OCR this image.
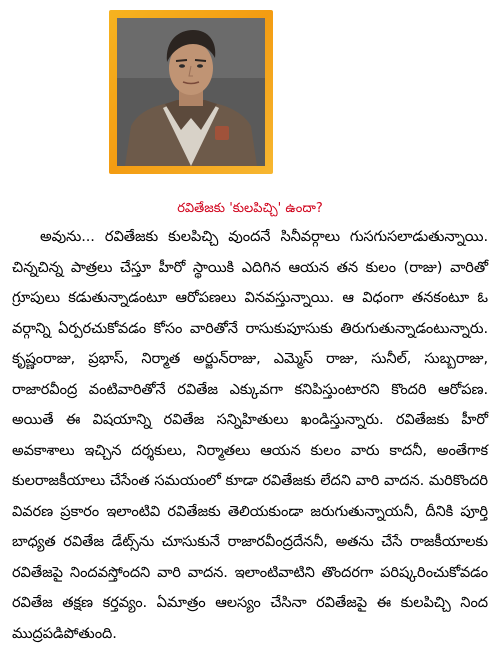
రవితేజకు 'కులపిచ్చి' ఉందా?

అవును... రవితేజకు కులపిచ్చి వుందనే సినీవర్గాలు గుసగుసలాడుతున్నాయి. చిన్నచిన్న పాత్రలు చేస్తూ హీరో స్థాయికి ఎదిగిన ఆయన తన కులం (రాజు) వారితో గ్రూపులు కడుతున్నాడంటూ ఆరోపణలు వినవస్తున్నాయి. ఆ విధంగా తనకంటూ ఓ వర్గాన్ని ఏర్పరచుకోవడం కోసం వారితోనే రాసుకుపూసుకు తిరుగుతున్నాడంటున్నారు. కృష్ణంరాజు, ప్రభాస్, నిర్మాత అర్జున్‌రాజు, ఎమ్మెస్ రాజు, సునీల్, సుబ్బరాజు, రాజారవీంద్ర వంటివారితోనే రవితేజ ఎక్కువగా కనిపిస్తుంటారని కొందరి ఆరోపణ. అయితే ఈ విషయాన్ని రవితేజ సన్నిహితులు ఖండిస్తున్నారు. రవితేజకు హీరో అవకాశాలు ఇచ్చిన దర్శకులు, నిర్మాతలు ఆయన కులం వారు కాదనీ, అంతేగాక కులరాజకీయాలు చేసేంత సమయంలో కూడా రవితేజకు లేదని వారి వాదన. మరికొందరి వివరణ ప్రకారం ఇలాంటివి రవితేజకు తెలియకుండా జరుగుతున్నాయనీ, దీనికి పూర్తి బాధ్యత రవితేజ డేట్స్‌ను చూసుకునే రాజారవీంద్రదేననీ, అతను చేసే రాజకీయాలకు రవితేజపై నిందవస్తోందని వారి వాదన. ఇలాంటివాటిని తొందరగా పరిష్కరించుకోవడం రవితేజ తక్షణ కర్తవ్యం. ఏమాత్రం ఆలస్యం చేసినా రవితేజపై ఈ కులపిచ్చి నింద ముద్రపడిపోతుంది.
